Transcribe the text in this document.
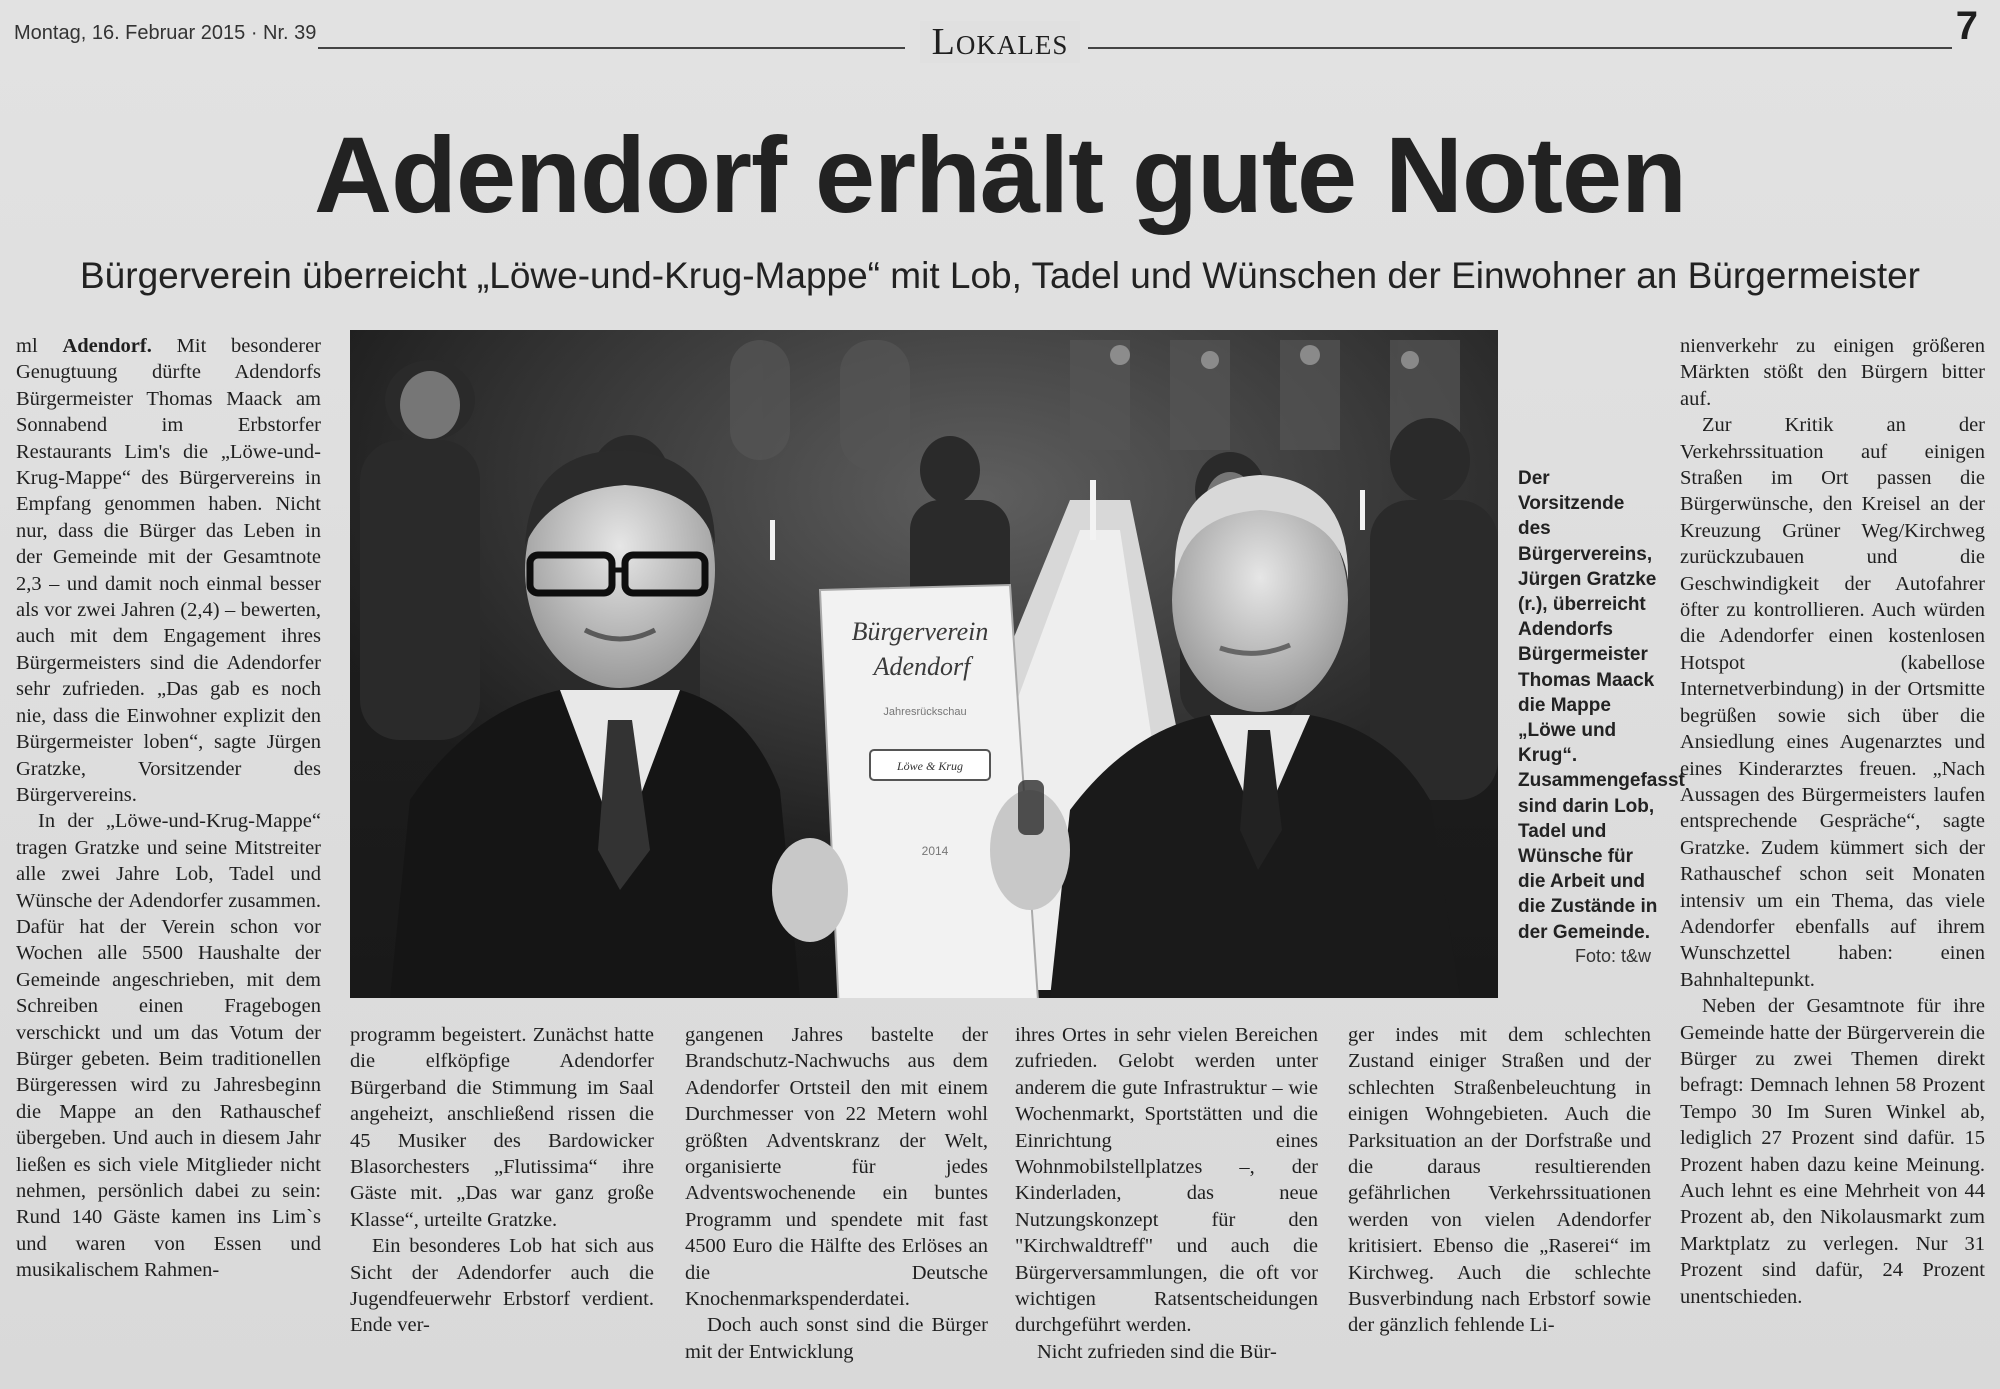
Montag, 16. Februar 2015 · Nr. 39	Lokales	7
Adendorf erhält gute Noten
Bürgerverein überreicht „Löwe-und-Krug-Mappe“ mit Lob, Tadel und Wünschen der Einwohner an Bürgermeister

ml Adendorf. Mit besonderer Genugtuung dürfte Adendorfs Bürgermeister Thomas Maack am Sonnabend im Erbstorfer Restaurants Lim's die „Löwe-und-Krug-Mappe“ des Bürgervereins in Empfang genommen haben. Nicht nur, dass die Bürger das Leben in der Gemeinde mit der Gesamtnote 2,3 – und damit noch einmal besser als vor zwei Jahren (2,4) – bewerten, auch mit dem Engagement ihres Bürgermeisters sind die Adendorfer sehr zufrieden. „Das gab es noch nie, dass die Einwohner explizit den Bürgermeister loben“, sagte Jürgen Gratzke, Vorsitzender des Bürgervereins.

In der „Löwe-und-Krug-Mappe“ tragen Gratzke und seine Mitstreiter alle zwei Jahre Lob, Tadel und Wünsche der Adendorfer zusammen. Dafür hat der Verein schon vor Wochen alle 5500 Haushalte der Gemeinde angeschrieben, mit dem Schreiben einen Fragebogen verschickt und um das Votum der Bürger gebeten. Beim traditionellen Bürgeressen wird zu Jahresbeginn die Mappe an den Rathauschef übergeben. Und auch in diesem Jahr ließen es sich viele Mitglieder nicht nehmen, persönlich dabei zu sein: Rund 140 Gäste kamen ins Lim`s und waren von Essen und musikalischem Rahmen-

Bürgerverein
Adendorf
Jahresrückschau
Löwe & Krug
2014
Der Vorsitzende des Bürgervereins, Jürgen Gratzke (r.), überreicht Adendorfs Bürgermeister Thomas Maack die Mappe „Löwe und Krug“. Zusammengefasst sind darin Lob, Tadel und Wünsche für die Arbeit und die Zustände in der Gemeinde.
Foto: t&w

programm begeistert. Zunächst hatte die elfköpfige Adendorfer Bürgerband die Stimmung im Saal angeheizt, anschließend rissen die 45 Musiker des Bardowicker Blasorchesters „Flutissima“ ihre Gäste mit. „Das war ganz große Klasse“, urteilte Gratzke.

Ein besonderes Lob hat sich aus Sicht der Adendorfer auch die Jugendfeuerwehr Erbstorf verdient. Ende ver-

gangenen Jahres bastelte der Brandschutz-Nachwuchs aus dem Adendorfer Ortsteil den mit einem Durchmesser von 22 Metern wohl größten Adventskranz der Welt, organisierte für jedes Adventswochenende ein buntes Programm und spendete mit fast 4500 Euro die Hälfte des Erlöses an die Deutsche Knochenmarkspenderdatei.

Doch auch sonst sind die Bürger mit der Entwicklung

ihres Ortes in sehr vielen Bereichen zufrieden. Gelobt werden unter anderem die gute Infrastruktur – wie Wochenmarkt, Sportstätten und die Einrichtung eines Wohnmobilstellplatzes –, der Kinderladen, das neue Nutzungskonzept für den "Kirchwaldtreff" und auch die Bürgerversammlungen, die oft vor wichtigen Ratsentscheidungen durchgeführt werden.

Nicht zufrieden sind die Bür-

ger indes mit dem schlechten Zustand einiger Straßen und der schlechten Straßenbeleuchtung in einigen Wohngebieten. Auch die Parksituation an der Dorfstraße und die daraus resultierenden gefährlichen Verkehrssituationen werden von vielen Adendorfer kritisiert. Ebenso die „Raserei“ im Kirchweg. Auch die schlechte Busverbindung nach Erbstorf sowie der gänzlich fehlende Li-

nienverkehr zu einigen größeren Märkten stößt den Bürgern bitter auf.

Zur Kritik an der Verkehrssituation auf einigen Straßen im Ort passen die Bürgerwünsche, den Kreisel an der Kreuzung Grüner Weg/Kirchweg zurückzubauen und die Geschwindigkeit der Autofahrer öfter zu kontrollieren. Auch würden die Adendorfer einen kostenlosen Hotspot (kabellose Internetverbindung) in der Ortsmitte begrüßen sowie sich über die Ansiedlung eines Augenarztes und eines Kinderarztes freuen. „Nach Aussagen des Bürgermeisters laufen entsprechende Gespräche“, sagte Gratzke. Zudem kümmert sich der Rathauschef schon seit Monaten intensiv um ein Thema, das viele Adendorfer ebenfalls auf ihrem Wunschzettel haben: einen Bahnhaltepunkt.

Neben der Gesamtnote für ihre Gemeinde hatte der Bürgerverein die Bürger zu zwei Themen direkt befragt: Demnach lehnen 58 Prozent Tempo 30 Im Suren Winkel ab, lediglich 27 Prozent sind dafür. 15 Prozent haben dazu keine Meinung. Auch lehnt es eine Mehrheit von 44 Prozent ab, den Nikolausmarkt zum Marktplatz zu verlegen. Nur 31 Prozent sind dafür, 24 Prozent unentschieden.
